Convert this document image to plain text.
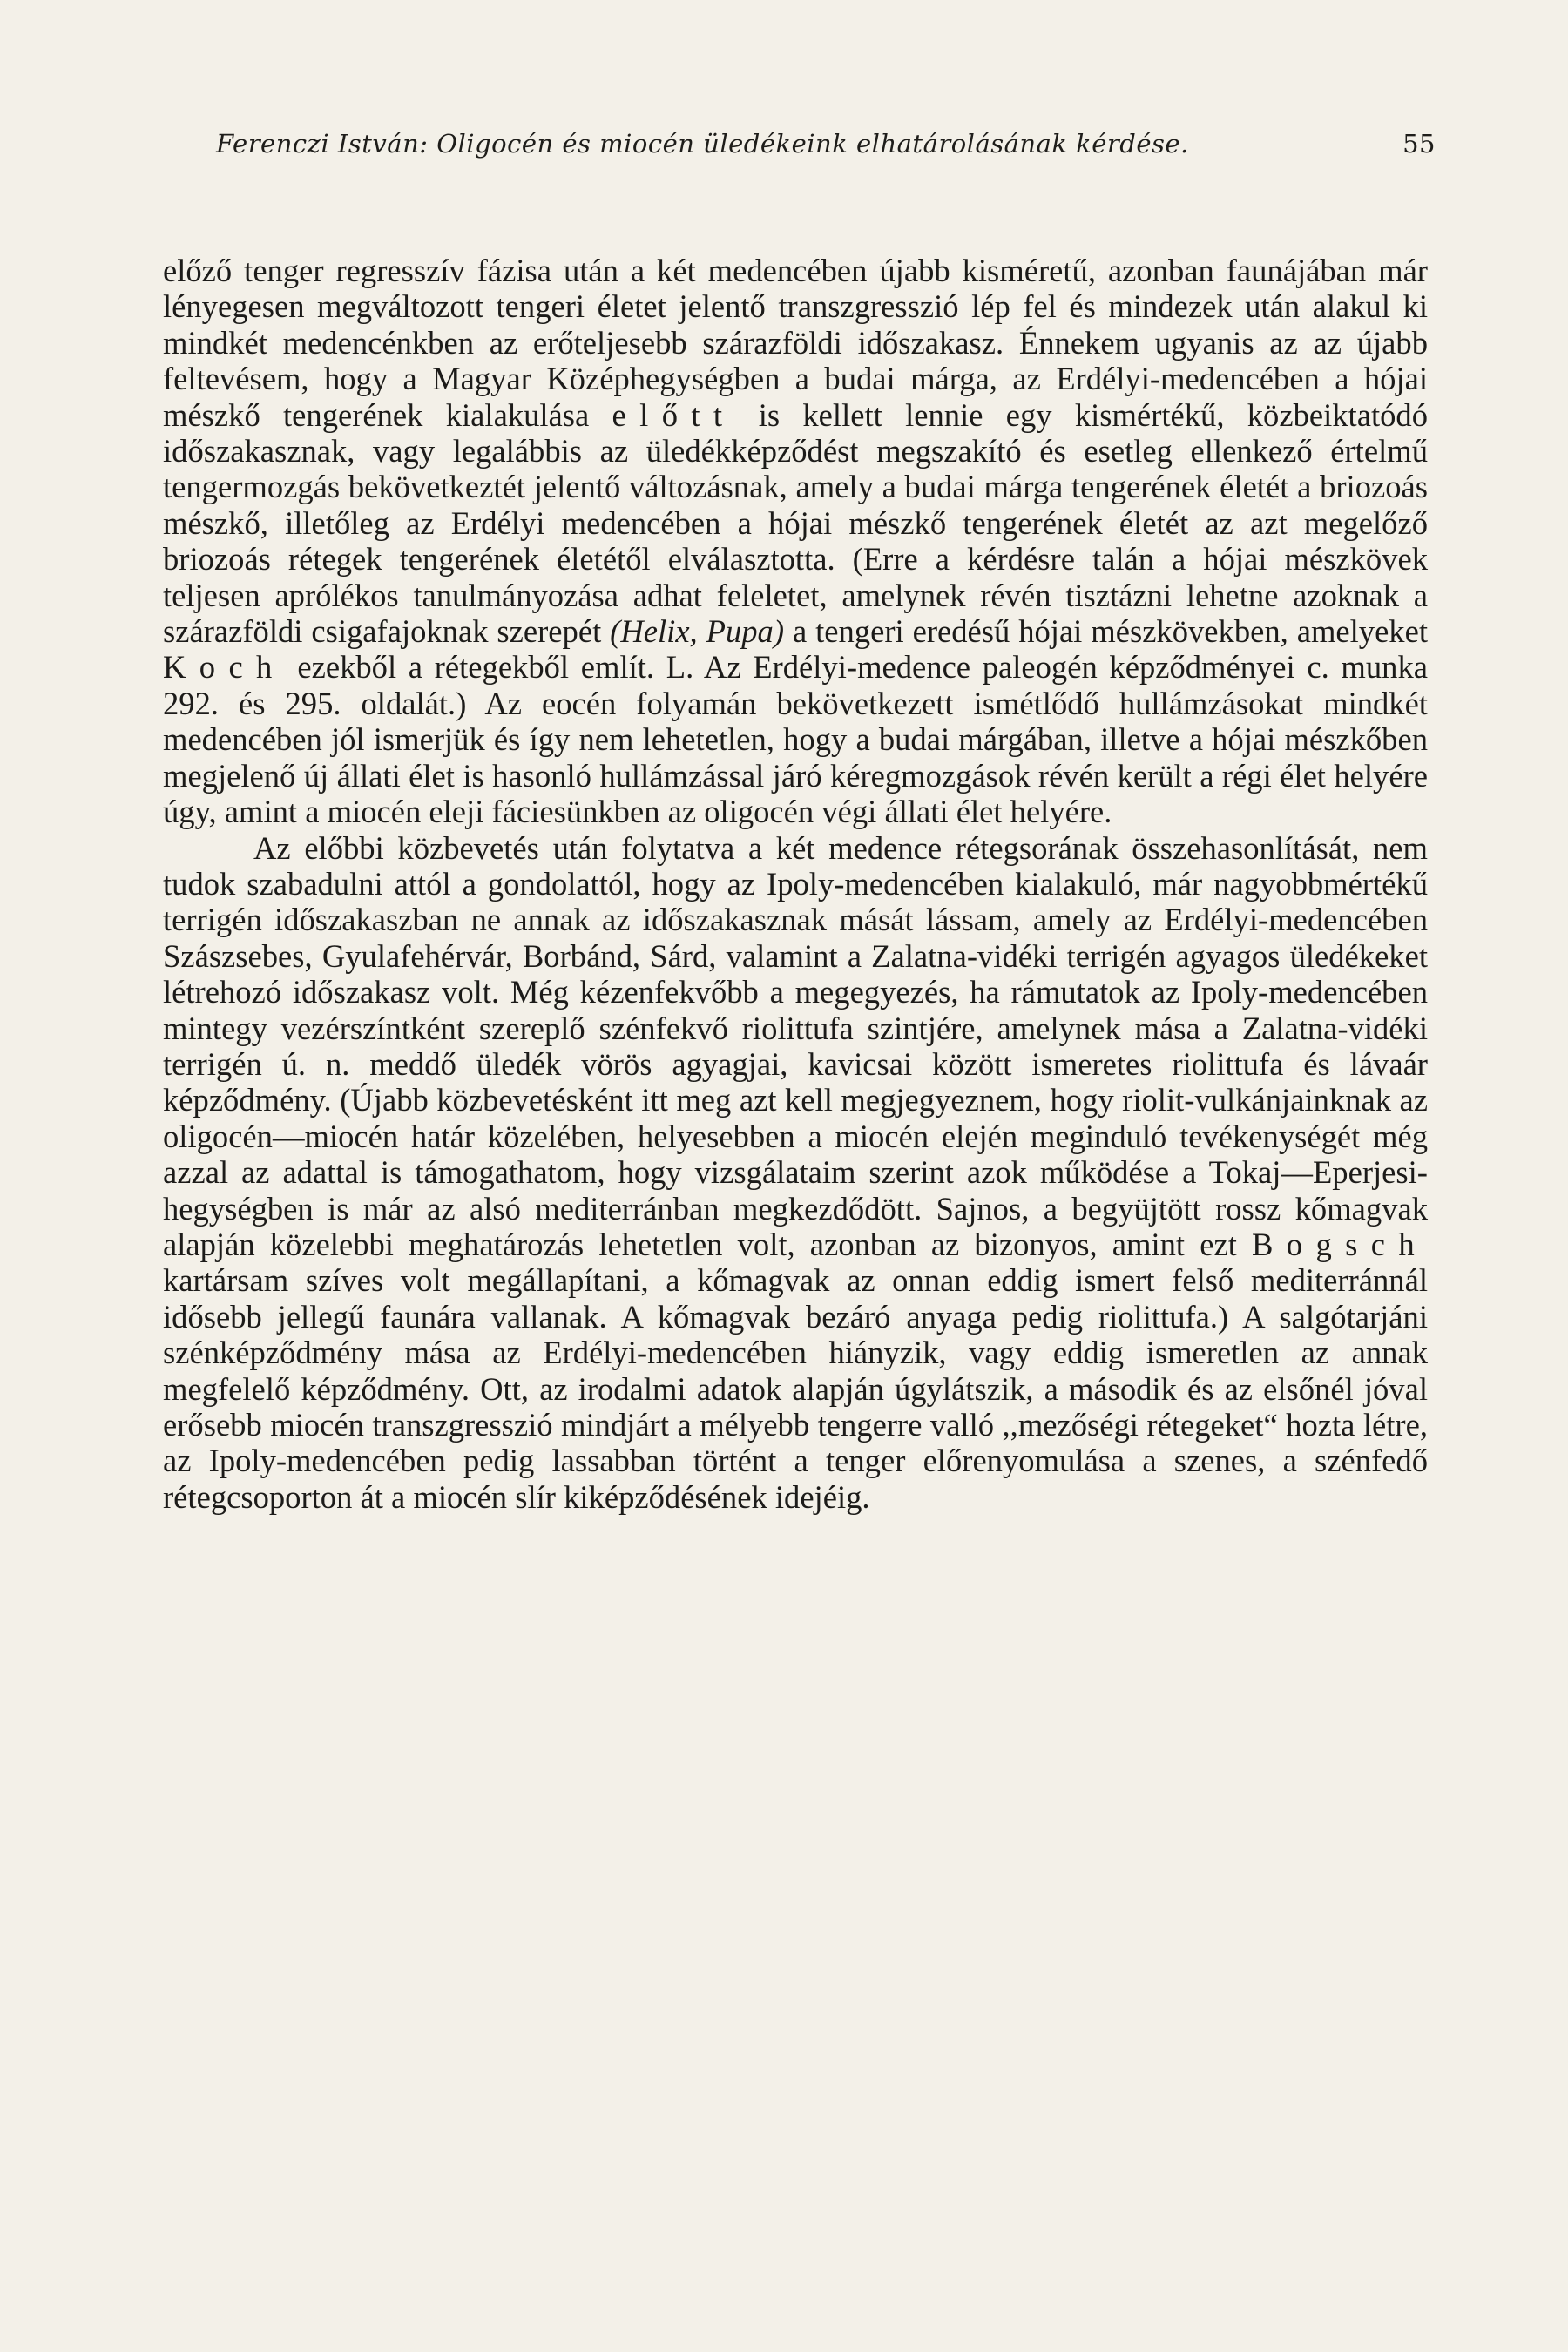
Ferenczi István: Oligocén és miocén üledékeink elhatárolásának kérdése.	55

előző tenger regresszív fázisa után a két medencében újabb kisméretű, azonban faunájában már lényegesen megváltozott tengeri életet jelentő transzgresszió lép fel és mindezek után alakul ki mindkét medencénkben az erőteljesebb szárazföldi időszakasz. Énnekem ugyanis az az újabb feltevésem, hogy a Magyar Középhegységben a budai márga, az Erdélyi-medencében a hójai mészkő tengerének kialakulása előtt is kellett lennie egy kismértékű, közbeiktatódó időszakasznak, vagy legalábbis az üledékképződést megszakító és esetleg ellenkező értelmű tengermozgás bekövetkeztét jelentő változásnak, amely a budai márga tengerének életét a briozoás mészkő, illetőleg az Erdélyi medencében a hójai mészkő tengerének életét az azt megelőző briozoás rétegek tengerének életétől elválasztotta. (Erre a kérdésre talán a hójai mészkövek teljesen aprólékos tanulmányozása adhat feleletet, amelynek révén tisztázni lehetne azoknak a szárazföldi csigafajoknak szerepét (Helix, Pupa) a tengeri eredésű hójai mészkövekben, amelyeket Koch ezekből a rétegekből említ. L. Az Erdélyi-medence paleogén képződményei c. munka 292. és 295. oldalát.) Az eocén folyamán bekövetkezett ismétlődő hullámzásokat mindkét medencében jól ismerjük és így nem lehetetlen, hogy a budai márgában, illetve a hójai mészkőben megjelenő új állati élet is hasonló hullámzással járó kéregmozgások révén került a régi élet helyére úgy, amint a miocén eleji fáciesünkben az oligocén végi állati élet helyére.

Az előbbi közbevetés után folytatva a két medence rétegsorának összehasonlítását, nem tudok szabadulni attól a gondolattól, hogy az Ipoly-medencében kialakuló, már nagyobbmértékű terrigén időszakaszban ne annak az időszakasznak mását lássam, amely az Erdélyi-medencében Szászsebes, Gyulafehérvár, Borbánd, Sárd, valamint a Zalatna-vidéki terrigén agyagos üledékeket létrehozó időszakasz volt. Még kézenfekvőbb a megegyezés, ha rámutatok az Ipoly-medencében mintegy vezérszíntként szereplő szénfekvő riolittufa szintjére, amelynek mása a Zalatna-vidéki terrigén ú. n. meddő üledék vörös agyagjai, kavicsai között ismeretes riolittufa és lávaár képződmény. (Újabb közbevetésként itt meg azt kell megjegyeznem, hogy riolit-vulkánjainknak az oligocén—miocén határ közelében, helyesebben a miocén elején meginduló tevékenységét még azzal az adattal is támogathatom, hogy vizsgálataim szerint azok működése a Tokaj—Eperjesi-hegységben is már az alsó mediterránban megkezdődött. Sajnos, a begyüjtött rossz kőmagvak alapján közelebbi meghatározás lehetetlen volt, azonban az bizonyos, amint ezt Bogsch kartársam szíves volt megállapítani, a kőmagvak az onnan eddig ismert felső mediterránnál idősebb jellegű faunára vallanak. A kőmagvak bezáró anyaga pedig riolittufa.) A salgótarjáni szénképződmény mása az Erdélyi-medencében hiányzik, vagy eddig ismeretlen az annak megfelelő képződmény. Ott, az irodalmi adatok alapján úgylátszik, a második és az elsőnél jóval erősebb miocén transzgresszió mindjárt a mélyebb tengerre valló ,,mezőségi rétegeket“ hozta létre, az Ipoly-medencében pedig lassabban történt a tenger előrenyomulása a szenes, a szénfedő rétegcsoporton át a miocén slír kiképződésének idejéig.
